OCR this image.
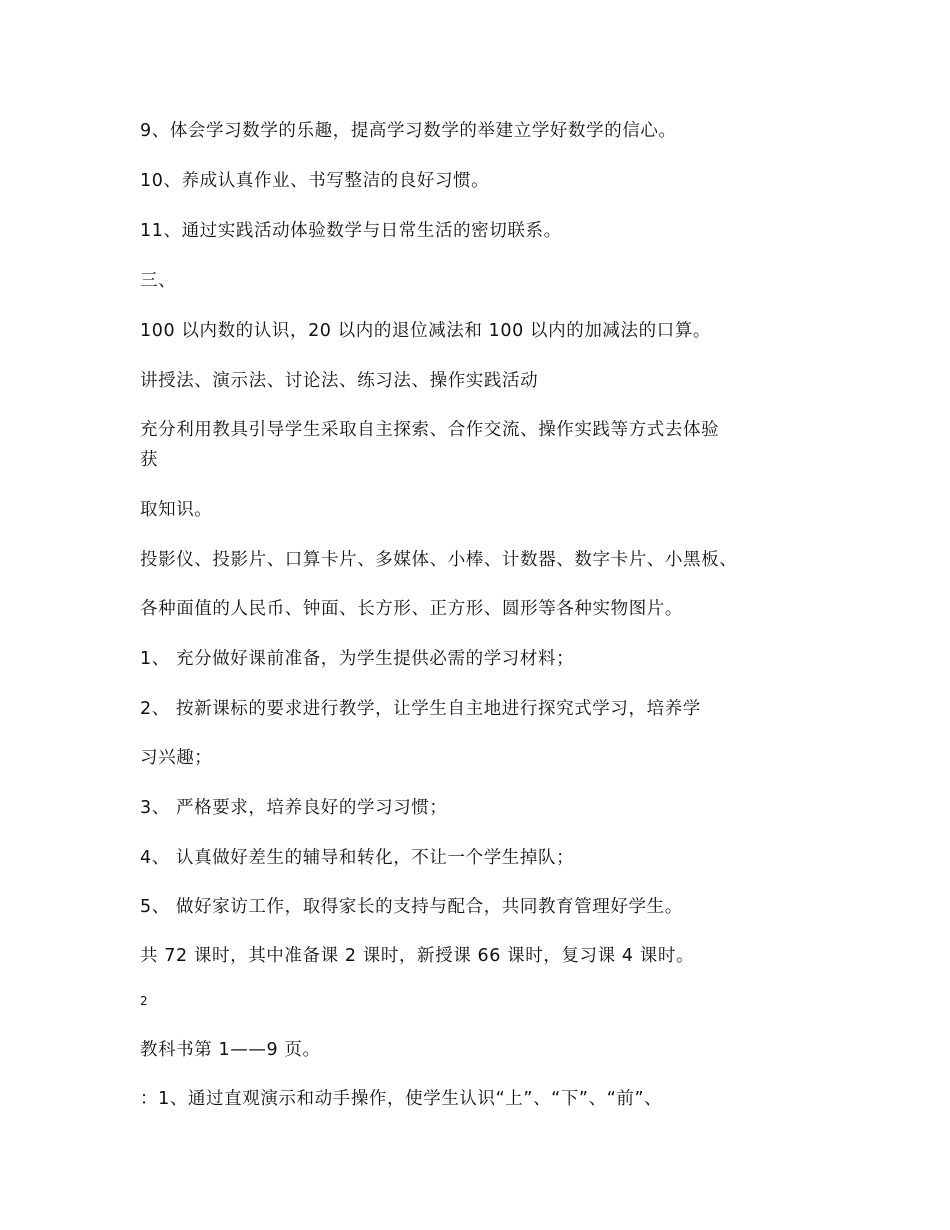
9、体会学习数学的乐趣，提高学习数学的举建立学好数学的信心。
10、养成认真作业、书写整洁的良好习惯。
11、通过实践活动体验数学与日常生活的密切联系。
三、
100 以内数的认识，20 以内的退位减法和 100 以内的加减法的口算。
讲授法、演示法、讨论法、练习法、操作实践活动
充分利用教具引导学生采取自主探索、合作交流、操作实践等方式去体验
获
取知识。
投影仪、投影片、口算卡片、多媒体、小棒、计数器、数字卡片、小黑板、
各种面值的人民币、钟面、长方形、正方形、圆形等各种实物图片。
1、 充分做好课前准备，为学生提供必需的学习材料；
2、 按新课标的要求进行教学，让学生自主地进行探究式学习，培养学
习兴趣；
3、 严格要求，培养良好的学习习惯；
4、 认真做好差生的辅导和转化，不让一个学生掉队；
5、 做好家访工作，取得家长的支持与配合，共同教育管理好学生。
共 72 课时，其中准备课 2 课时，新授课 66 课时，复习课 4 课时。
2
教科书第 1——9 页。
：1、通过直观演示和动手操作，使学生认识“上”、“下”、“前”、
